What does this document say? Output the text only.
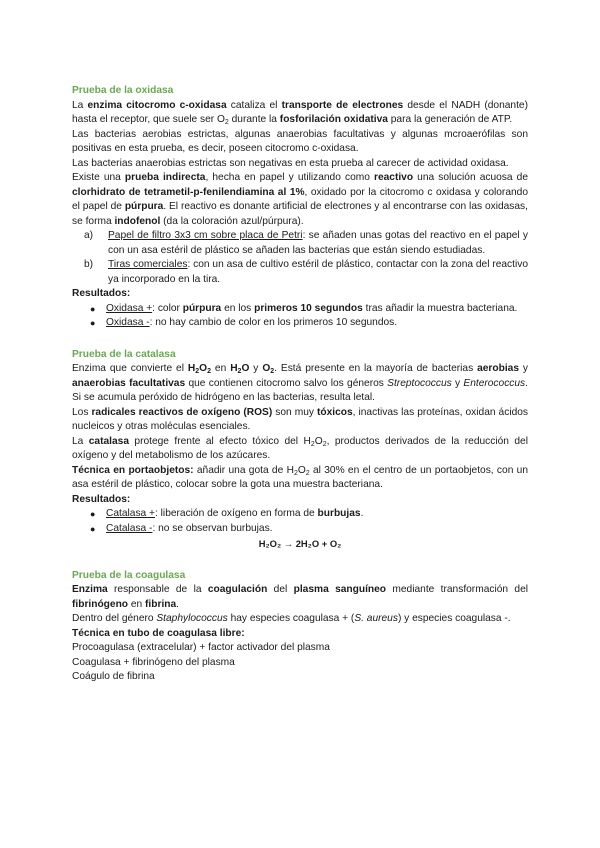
Prueba de la oxidasa

La enzima citocromo c-oxidasa cataliza el transporte de electrones desde el NADH (donante) hasta el receptor, que suele ser $O_2$ durante la fosforilación oxidativa para la generación de ATP.

Las bacterias aerobias estrictas, algunas anaerobias facultativas y algunas mcroaerófilas son positivas en esta prueba, es decir, poseen citocromo c-oxidasa.

Las bacterias anaerobias estrictas son negativas en esta prueba al carecer de actividad oxidasa.

Existe una prueba indirecta, hecha en papel y utilizando como reactivo una solución acuosa de clorhidrato de tetrametil-p-fenilendiamina al 1%, oxidado por la citocromo c oxidasa y colorando el papel de púrpura. El reactivo es donante artificial de electrones y al encontrarse con las oxidasas, se forma indofenol (da la coloración azul/púrpura).

a) Papel de filtro 3x3 cm sobre placa de Petri: se añaden unas gotas del reactivo en el papel y con un asa estéril de plástico se añaden las bacterias que están siendo estudiadas.
b) Tiras comerciales: con un asa de cultivo estéril de plástico, contactar con la zona del reactivo ya incorporado en la tira.

Resultados:

● Oxidasa +: color púrpura en los primeros 10 segundos tras añadir la muestra bacteriana.
● Oxidasa -: no hay cambio de color en los primeros 10 segundos.

Prueba de la catalasa

Enzima que convierte el $H_2O_2$ en $H_2O$ y $O_2$. Está presente en la mayoría de bacterias aerobias y anaerobias facultativas que contienen citocromo salvo los géneros Streptococcus y Enterococcus. Si se acumula peróxido de hidrógeno en las bacterias, resulta letal.

Los radicales reactivos de oxígeno (ROS) son muy tóxicos, inactivas las proteínas, oxidan ácidos nucleicos y otras moléculas esenciales.

La catalasa protege frente al efecto tóxico del $H_2O_2$, productos derivados de la reducción del oxígeno y del metabolismo de los azúcares.

Técnica en portaobjetos: añadir una gota de $H_2O_2$ al 30% en el centro de un portaobjetos, con un asa estéril de plástico, colocar sobre la gota una muestra bacteriana.

Resultados:

● Catalasa +: liberación de oxígeno en forma de burbujas.
● Catalasa -: no se observan burbujas.

H₂O₂ → 2H₂O + O₂

Prueba de la coagulasa

Enzima responsable de la coagulación del plasma sanguíneo mediante transformación del fibrinógeno en fibrina.

Dentro del género Staphylococcus hay especies coagulasa + (S. aureus) y especies coagulasa -.

Técnica en tubo de coagulasa libre:

Procoagulasa (extracelular) + factor activador del plasma

Coagulasa + fibrinógeno del plasma

Coágulo de fibrina
